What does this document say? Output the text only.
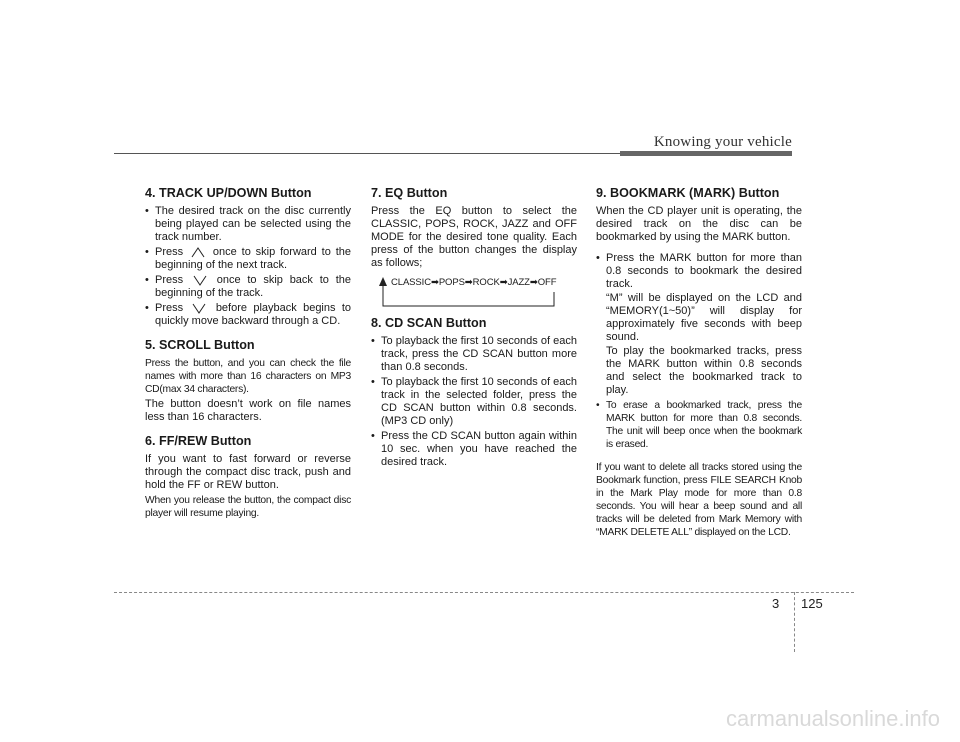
Knowing your vehicle
4. TRACK UP/DOWN Button
• The desired track on the disc currently being played can be selected using the track number.
• Press	once to skip forward to the beginning of the next track.
• Press	once to skip back to the beginning of the track.
• Press	before playback begins to quickly move backward through a CD.
5. SCROLL Button

Press the button, and you can check the file names with more than 16 characters on MP3 CD(max 34 characters).

The button doesn’t work on file names less than 16 characters.

6. FF/REW Button

If you want to fast forward or reverse through the compact disc track, push and hold the FF or REW button.

When you release the button, the compact disc player will resume playing.

7. EQ Button

Press the EQ button to select the CLASSIC, POPS, ROCK, JAZZ and OFF MODE for the desired tone quality. Each press of the button changes the display as follows;

CLASSIC➡POPS➡ROCK➡JAZZ➡OFF
8. CD SCAN Button
• To playback the first 10 seconds of each track, press the CD SCAN button more than 0.8 seconds.
• To playback the first 10 seconds of each track in the selected folder, press the CD SCAN button within 0.8 seconds. (MP3 CD only)
• Press the CD SCAN button again within 10 sec. when you have reached the desired track.
9. BOOKMARK (MARK) Button

When the CD player unit is operating, the desired track on the disc can be bookmarked by using the MARK button.

• Press the MARK button for more than 0.8 seconds to bookmark the desired track.
“M” will be displayed on the LCD and “MEMORY(1~50)” will display for approximately five seconds with beep sound.
To play the bookmarked tracks, press the MARK button within 0.8 seconds and select the bookmarked track to play.
• To erase a bookmarked track, press the MARK button for more than 0.8 seconds. The unit will beep once when the bookmark is erased.

If you want to delete all tracks stored using the Bookmark function, press FILE SEARCH Knob in the Mark Play mode for more than 0.8 seconds. You will hear a beep sound and all tracks will be deleted from Mark Memory with “MARK DELETE ALL” displayed on the LCD.

3 125
carmanualsonline.info
